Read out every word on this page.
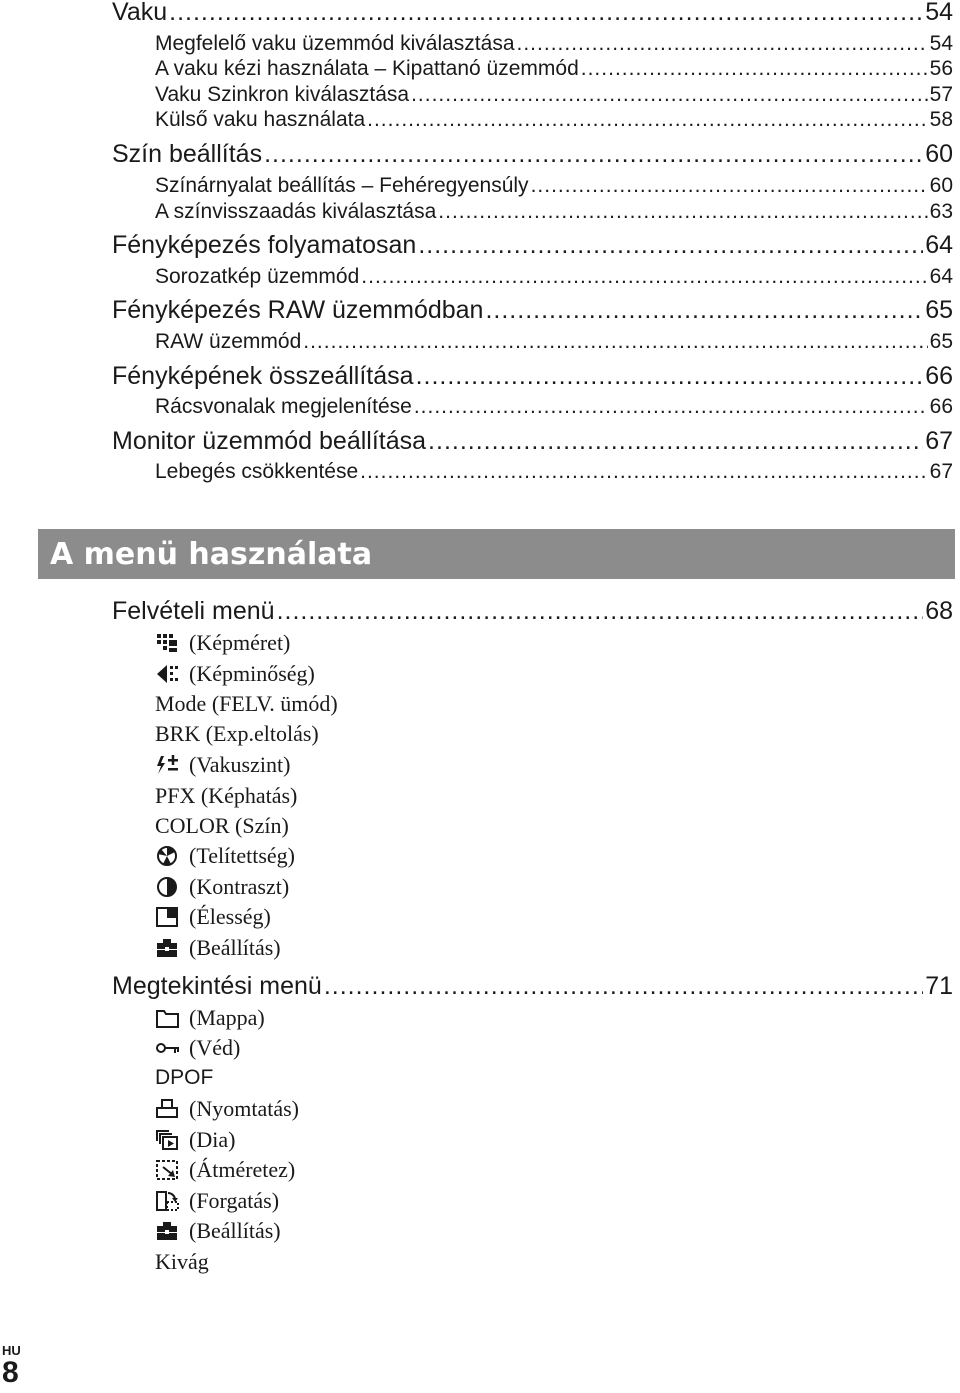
Vaku .....	54
Megfelelő vaku üzemmód kiválasztása .....	54
A vaku kézi használata – Kipattanó üzemmód .....	56
Vaku Szinkron kiválasztása .....	57
Külső vaku használata .....	58
Szín beállítás .....	60
Színárnyalat beállítás – Fehéregyensúly .....	60
A színvisszaadás kiválasztása .....	63
Fényképezés folyamatosan .....	64
Sorozatkép üzemmód .....	64
Fényképezés RAW üzemmódban .....	65
RAW üzemmód .....	65
Fényképének összeállítása .....	66
Rácsvonalak megjelenítése .....	66
Monitor üzemmód beállítása .....	67
Lebegés csökkentése .....	67
A menü használata
Felvételi menü .....	68
(Képméret)
(Képminőség)
Mode (FELV. ümód)
BRK (Exp.eltolás)
(Vakuszint)
PFX (Képhatás)
COLOR (Szín)
(Telítettség)
(Kontraszt)
(Élesség)
(Beállítás)
Megtekintési menü .....	71
(Mappa)
(Véd)
DPOF
(Nyomtatás)
(Dia)
(Átméretez)
(Forgatás)
(Beállítás)
Kivág
HU
8
